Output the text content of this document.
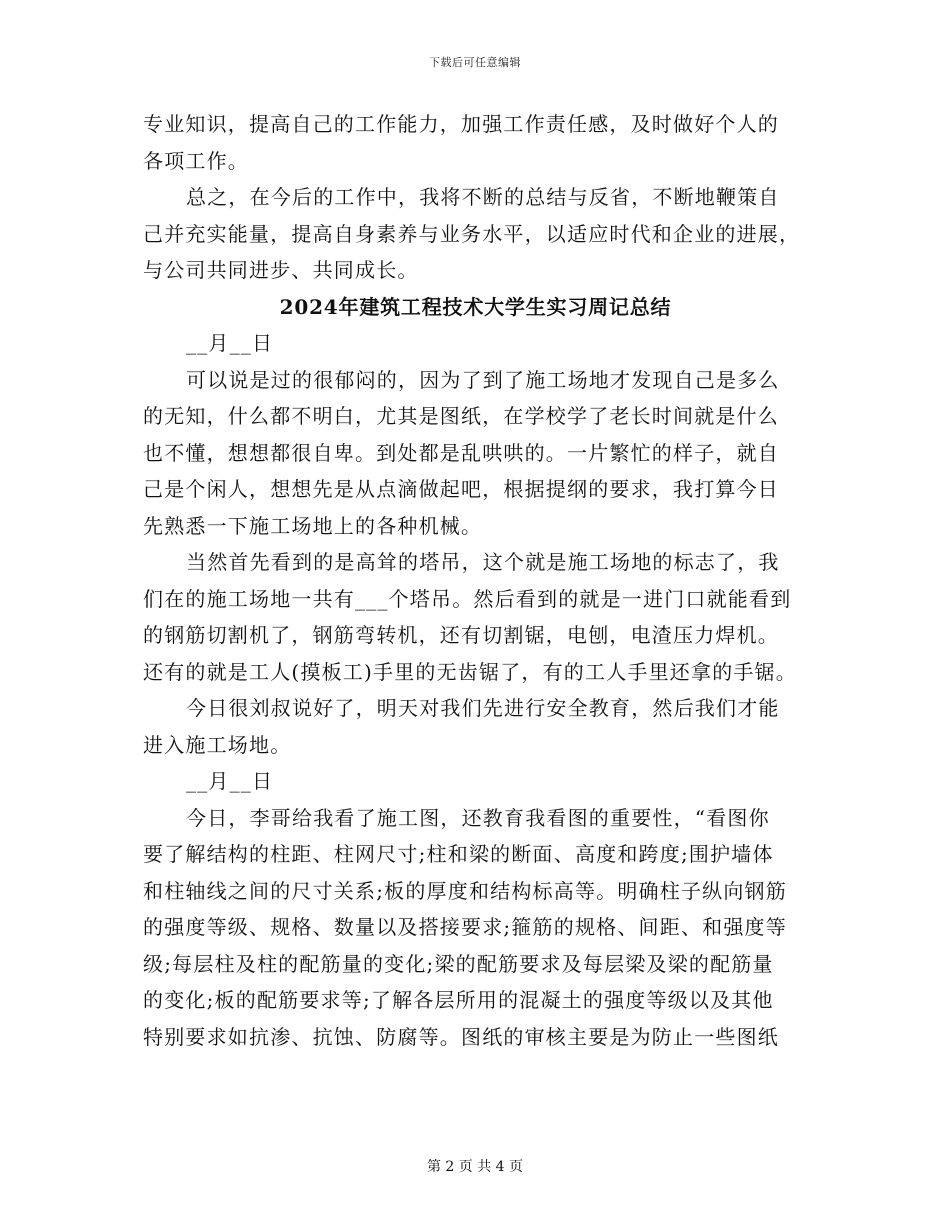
下载后可任意编辑
专业知识，提高自己的工作能力，加强工作责任感，及时做好个人的
各项工作。
总之，在今后的工作中，我将不断的总结与反省，不断地鞭策自
己并充实能量，提高自身素养与业务水平，以适应时代和企业的进展，
与公司共同进步、共同成长。
2024年建筑工程技术大学生实习周记总结
__月__日
可以说是过的很郁闷的，因为了到了施工场地才发现自己是多么
的无知，什么都不明白，尤其是图纸，在学校学了老长时间就是什么
也不懂，想想都很自卑。到处都是乱哄哄的。一片繁忙的样子，就自
己是个闲人，想想先是从点滴做起吧，根据提纲的要求，我打算今日
先熟悉一下施工场地上的各种机械。
当然首先看到的是高耸的塔吊，这个就是施工场地的标志了，我
们在的施工场地一共有___个塔吊。然后看到的就是一进门口就能看到
的钢筋切割机了，钢筋弯转机，还有切割锯，电刨，电渣压力焊机。
还有的就是工人(摸板工)手里的无齿锯了，有的工人手里还拿的手锯。
今日很刘叔说好了，明天对我们先进行安全教育，然后我们才能
进入施工场地。
__月__日
今日，李哥给我看了施工图，还教育我看图的重要性，“看图你
要了解结构的柱距、柱网尺寸;柱和梁的断面、高度和跨度;围护墙体
和柱轴线之间的尺寸关系;板的厚度和结构标高等。明确柱子纵向钢筋
的强度等级、规格、数量以及搭接要求;箍筋的规格、间距、和强度等
级;每层柱及柱的配筋量的变化;梁的配筋要求及每层梁及梁的配筋量
的变化;板的配筋要求等;了解各层所用的混凝土的强度等级以及其他
特别要求如抗渗、抗蚀、防腐等。图纸的审核主要是为防止一些图纸
第 2 页 共 4 页
